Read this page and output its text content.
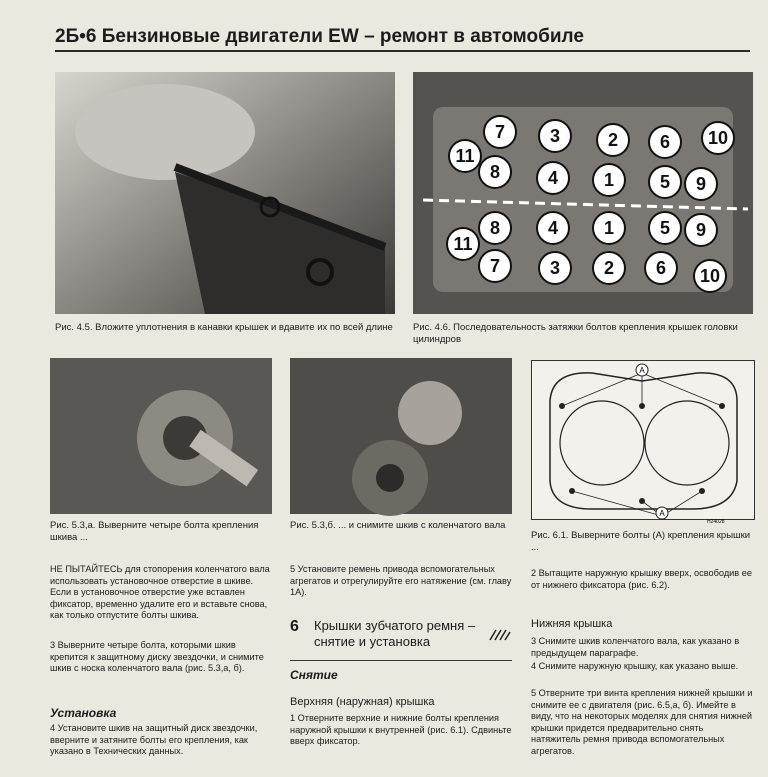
2Б•6 Бензиновые двигатели EW – ремонт в автомобиле
Рис. 4.5. Вложите уплотнения в канавки крышек и вдавите их по всей длине
7 3	2 6 10
11
8	4	1	5 9
8	4	1	5 9
11
7	3 2 6 10
Рис. 4.6. Последовательность затяжки болтов крепления крышек головки цилиндров
Рис. 5.3,а. Выверните четыре болта крепления шкива ...
Рис. 5.3,б. ... и снимите шкив с коленчатого вала
A
A
H24028
Рис. 6.1. Выверните болты (A) крепления крышки ...
НЕ ПЫТАЙТЕСЬ для стопорения коленчатого вала использовать установочное отверстие в шкиве. Если в установочное отверстие уже вставлен фиксатор, временно удалите его и вставьте снова, как только отпустите болты шкива.
3 Выверните четыре болта, которыми шкив крепится к защитному диску звездочки, и снимите шкив с носка коленчатого вала (рис. 5.3,а, б).
Установка
4 Установите шкив на защитный диск звездочки, вверните и затяните болты его крепления, как указано в Технических данных.
5 Установите ремень привода вспомогательных агрегатов и отрегулируйте его натяжение (см. главу 1А).
6 Крышки зубчатого ремня – снятие и установка
Снятие
Верхняя (наружная) крышка
1 Отверните верхние и нижние болты крепления наружной крышки к внутренней (рис. 6.1). Сдвиньте вверх фиксатор.
2 Вытащите наружную крышку вверх, освободив ее от нижнего фиксатора (рис. 6.2).
Нижняя крышка
3 Снимите шкив коленчатого вала, как указано в предыдущем параграфе.
4 Снимите наружную крышку, как указано выше.
5 Отверните три винта крепления нижней крышки и снимите ее с двигателя (рис. 6.5,а, б). Имейте в виду, что на некоторых моделях для снятия нижней крышки придется предварительно снять натяжитель ремня привода вспомогательных агрегатов.
